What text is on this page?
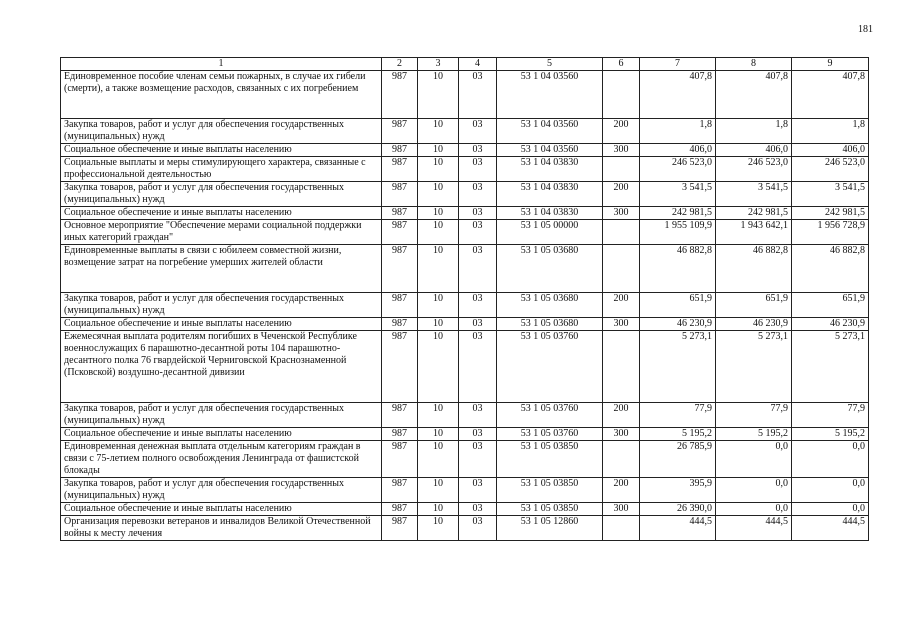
181
1	2	3	4	5	6	7	8	9
Единовременное пособие членам семьи пожарных, в случае их гибели (смерти), а также возмещение расходов, связанных с их погребением	987	10	03	53 1 04 03560		407,8	407,8	407,8
Закупка товаров, работ и услуг для обеспечения государственных (муниципальных) нужд	987	10	03	53 1 04 03560	200	1,8	1,8	1,8
Социальное обеспечение и иные выплаты населению	987	10	03	53 1 04 03560	300	406,0	406,0	406,0
Социальные выплаты и меры стимулирующего характера, связанные с профессиональной деятельностью	987	10	03	53 1 04 03830		246 523,0	246 523,0	246 523,0
Закупка товаров, работ и услуг для обеспечения государственных (муниципальных) нужд	987	10	03	53 1 04 03830	200	3 541,5	3 541,5	3 541,5
Социальное обеспечение и иные выплаты населению	987	10	03	53 1 04 03830	300	242 981,5	242 981,5	242 981,5
Основное мероприятие "Обеспечение мерами социальной поддержки иных категорий граждан"	987	10	03	53 1 05 00000		1 955 109,9	1 943 642,1	1 956 728,9
Единовременные выплаты в связи с юбилеем совместной жизни, возмещение затрат на погребение умерших жителей области	987	10	03	53 1 05 03680		46 882,8	46 882,8	46 882,8
Закупка товаров, работ и услуг для обеспечения государственных (муниципальных) нужд	987	10	03	53 1 05 03680	200	651,9	651,9	651,9
Социальное обеспечение и иные выплаты населению	987	10	03	53 1 05 03680	300	46 230,9	46 230,9	46 230,9
Ежемесячная выплата родителям погибших в Чеченской Республике военнослужащих 6 парашютно-десантной роты 104 парашютно-десантного полка 76 гвардейской Черниговской Краснознаменной (Псковской) воздушно-десантной дивизии	987	10	03	53 1 05 03760		5 273,1	5 273,1	5 273,1
Закупка товаров, работ и услуг для обеспечения государственных (муниципальных) нужд	987	10	03	53 1 05 03760	200	77,9	77,9	77,9
Социальное обеспечение и иные выплаты населению	987	10	03	53 1 05 03760	300	5 195,2	5 195,2	5 195,2
Единовременная денежная выплата отдельным категориям граждан в связи с 75-летием полного освобождения Ленинграда от фашистской блокады	987	10	03	53 1 05 03850		26 785,9	0,0	0,0
Закупка товаров, работ и услуг для обеспечения государственных (муниципальных) нужд	987	10	03	53 1 05 03850	200	395,9	0,0	0,0
Социальное обеспечение и иные выплаты населению	987	10	03	53 1 05 03850	300	26 390,0	0,0	0,0
Организация перевозки ветеранов и инвалидов Великой Отечественной войны к месту лечения	987	10	03	53 1 05 12860		444,5	444,5	444,5
